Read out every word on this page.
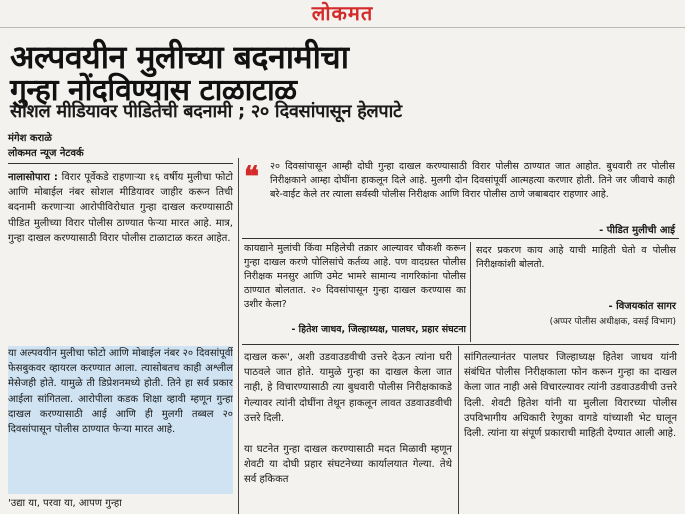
लोकमत
अल्पवयीन मुलीच्या बदनामीचा
गुन्हा नोंदविण्यास टाळाटाळ
सोशल मीडियावर पीडितेची बदनामी ; २० दिवसांपासून हेलपाटे
मंगेश कराळे
लोकमत न्यूज नेटवर्क
❝	२० दिवसांपासून आम्ही दोघी गुन्हा दाखल करण्यासाठी विरार पोलीस ठाण्यात जात आहोत. बुधवारी तर पोलीस निरीक्षकाने आम्हा दोघींना हाकलून दिले आहे. मुलगी दोन दिवसांपूर्वी आत्महत्या करणार होती. तिने जर जीवाचे काही बरे-वाईट केले तर त्याला सर्वस्वी पोलीस निरीक्षक आणि विरार पोलीस ठाणे जबाबदार राहणार आहे.
- पीडित मुलीची आई
कायद्याने मुलांची किंवा महिलेची तक्रार आल्यावर चौकशी करून गुन्हा दाखल करणे पोलिसांचे कर्तव्य आहे. पण वादग्रस्त पोलीस निरीक्षक मनसुर आणि उमेट भामरे सामान्य नागरिकांना पोलीस ठाण्यात बोलतात. २० दिवसांपासून गुन्हा दाखल करण्यास का उशीर केला?
- हितेश जाधव, जिल्हाध्यक्ष, पालघर, प्रहार संघटना
सदर प्रकरण काय आहे याची माहिती घेतो व पोलीस निरीक्षकांशी बोलतो.
- विजयकांत सागर
(अप्पर पोलीस अधीक्षक, वसई विभाग)
नालासोपारा : विरार पूर्वेकडे राहणाऱ्या १६ वर्षीय मुलीचा फोटो आणि मोबाईल नंबर सोशल मीडियावर जाहीर करून तिची बदनामी करणाऱ्या आरोपीविरोधात गुन्हा दाखल करण्यासाठी पीडित मुलीच्या विरार पोलीस ठाण्यात फेऱ्या मारत आहे. मात्र, गुन्हा दाखल करण्यासाठी विरार पोलीस टाळाटाळ करत आहेत.
या अल्पवयीन मुलीचा फोटो आणि मोबाईल नंबर २० दिवसांपूर्वी फेसबुकवर व्हायरल करण्यात आला. त्यासोबतच काही अश्लील मेसेजही होते. यामुळे ती डिप्रेशनमध्ये होती. तिने हा सर्व प्रकार आईला सांगितला. आरोपीला कडक शिक्षा व्हावी म्हणून गुन्हा दाखल करण्यासाठी आई आणि ही मुलगी तब्बल २० दिवसांपासून पोलीस ठाण्यात फेऱ्या मारत आहे.
'उद्या या, परवा या, आपण गुन्हा
दाखल करू', अशी उडवाउडवीची उत्तरे देऊन त्यांना घरी पाठवले जात होते. यामुळे गुन्हा का दाखल केला जात नाही, हे विचारण्यासाठी त्या बुधवारी पोलीस निरीक्षकाकडे गेल्यावर त्यांनी दोघींना तेथून हाकलून लावत उडवाउडवीची उत्तरे दिली.
या घटनेत गुन्हा दाखल करण्यासाठी मदत मिळावी म्हणून शेवटी या दोघी प्रहार संघटनेच्या कार्यालयात गेल्या. तेथे सर्व हकिकत
सांगितल्यानंतर पालघर जिल्हाध्यक्ष हितेश जाधव यांनी संबंधित पोलीस निरीक्षकाला फोन करून गुन्हा का दाखल केला जात नाही असे विचारल्यावर त्यांनी उडवाउडवीची उत्तरे दिली. शेवटी हितेश यांनी या मुलीला विरारच्या पोलीस उपविभागीय अधिकारी रेणुका वागडे यांच्याशी भेट घालून दिली. त्यांना या संपूर्ण प्रकाराची माहिती देण्यात आली आहे.
